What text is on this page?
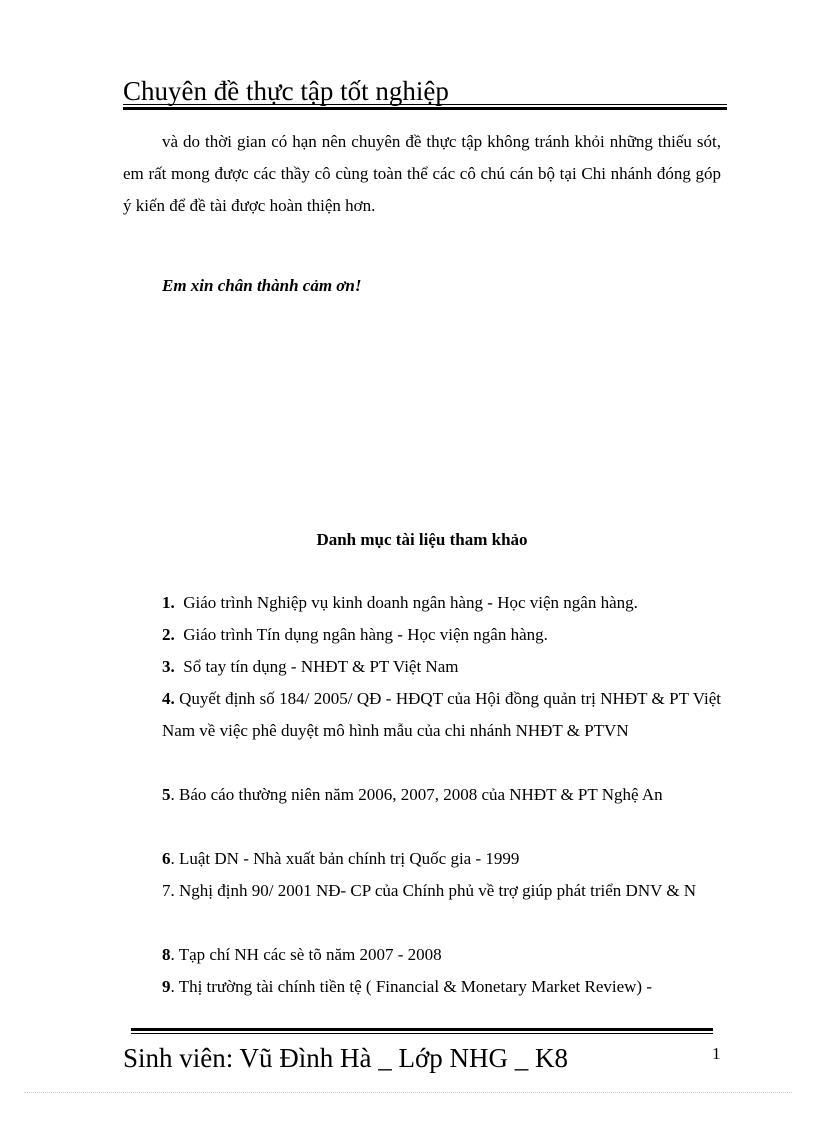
Chuyên đề thực tập tốt nghiệp
và do thời gian có hạn nên chuyên đề thực tập không tránh khỏi những thiếu sót, em rất mong được các thầy cô cùng toàn thể các cô chú cán bộ tại Chi nhánh đóng góp ý kiến để đề tài được hoàn thiện hơn.
Em xin chân thành cảm ơn!
Danh mục tài liệu tham khảo
1. Giáo trình Nghiệp vụ kinh doanh ngân hàng - Học viện ngân hàng.
2. Giáo trình Tín dụng ngân hàng - Học viện ngân hàng.
3. Sổ tay tín dụng - NHĐT & PT Việt Nam
4. Quyết định số 184/ 2005/ QĐ - HĐQT của Hội đồng quản trị NHĐT & PT Việt Nam về việc phê duyệt mô hình mẫu của chi nhánh NHĐT & PTVN
5. Báo cáo thường niên năm 2006, 2007, 2008 của NHĐT & PT Nghệ An
6. Luật DN - Nhà xuất bản chính trị Quốc gia - 1999
7. Nghị định 90/ 2001 NĐ- CP của Chính phủ về trợ giúp phát triển DNV & N
8. Tạp chí NH các sè tõ năm 2007 - 2008
9. Thị trường tài chính tiền tệ ( Financial & Monetary Market Review) -
Sinh viên: Vũ Đình Hà _ Lớp NHG _ K8	1
